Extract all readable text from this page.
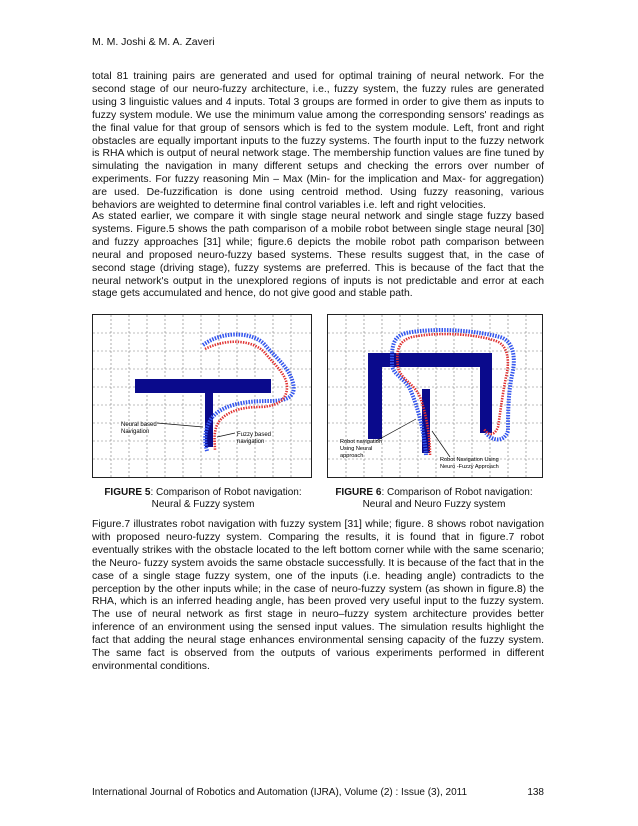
M. M. Joshi & M. A. Zaveri

total 81 training pairs are generated and used for optimal training of neural network. For the second stage of our neuro-fuzzy architecture, i.e., fuzzy system, the fuzzy rules are generated using 3 linguistic values and 4 inputs. Total 3 groups are formed in order to give them as inputs to fuzzy system module. We use the minimum value among the corresponding sensors' readings as the final value for that group of sensors which is fed to the system module. Left, front and right obstacles are equally important inputs to the fuzzy systems. The fourth input to the fuzzy network is RHA which is output of neural network stage. The membership function values are fine tuned by simulating the navigation in many different setups and checking the errors over number of experiments. For fuzzy reasoning Min – Max (Min- for the implication and Max- for aggregation) are used. De-fuzzification is done using centroid method. Using fuzzy reasoning, various behaviors are weighted to determine final control variables i.e. left and right velocities.

As stated earlier, we compare it with single stage neural network and single stage fuzzy based systems. Figure.5 shows the path comparison of a mobile robot between single stage neural [30] and fuzzy approaches [31] while; figure.6 depicts the mobile robot path comparison between neural and proposed neuro-fuzzy based systems. These results suggest that, in the case of second stage (driving stage), fuzzy systems are preferred. This is because of the fact that the neural network's output in the unexplored regions of inputs is not predictable and error at each stage gets accumulated and hence, do not give good and stable path.

Neural based
Navigation	Fuzzy based
navigation	Robot navigation
Using Neural
approach
Robot Navigation Using
Neuro -Fuzzy Approach
FIGURE 5: Comparison of Robot navigation: Neural & Fuzzy system
FIGURE 6: Comparison of Robot navigation: Neural and Neuro Fuzzy system

Figure.7 illustrates robot navigation with fuzzy system [31] while; figure. 8 shows robot navigation with proposed neuro-fuzzy system. Comparing the results, it is found that in figure.7 robot eventually strikes with the obstacle located to the left bottom corner while with the same scenario; the Neuro- fuzzy system avoids the same obstacle successfully. It is because of the fact that in the case of a single stage fuzzy system, one of the inputs (i.e. heading angle) contradicts to the perception by the other inputs while; in the case of neuro-fuzzy system (as shown in figure.8) the RHA, which is an inferred heading angle, has been proved very useful input to the fuzzy system. The use of neural network as first stage in neuro–fuzzy system architecture provides better inference of an environment using the sensed input values. The simulation results highlight the fact that adding the neural stage enhances environmental sensing capacity of the fuzzy system. The same fact is observed from the outputs of various experiments performed in different environmental conditions.

International Journal of Robotics and Automation (IJRA), Volume (2) : Issue (3), 2011	138
